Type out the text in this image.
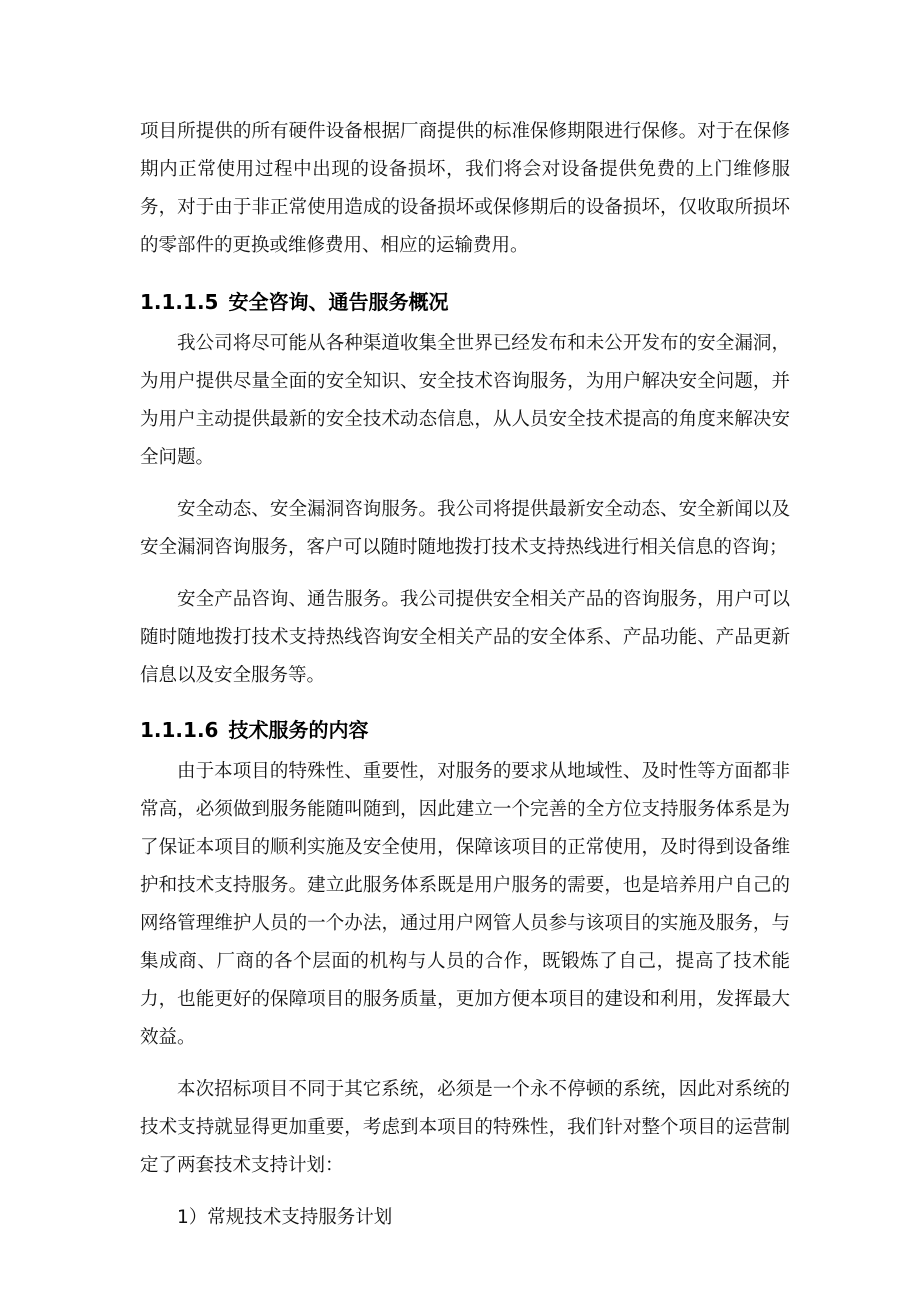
项目所提供的所有硬件设备根据厂商提供的标准保修期限进行保修。对于在保修期内正常使用过程中出现的设备损坏，我们将会对设备提供免费的上门维修服务，对于由于非正常使用造成的设备损坏或保修期后的设备损坏，仅收取所损坏的零部件的更换或维修费用、相应的运输费用。

1.1.1.5 安全咨询、通告服务概况

我公司将尽可能从各种渠道收集全世界已经发布和未公开发布的安全漏洞，为用户提供尽量全面的安全知识、安全技术咨询服务，为用户解决安全问题，并为用户主动提供最新的安全技术动态信息，从人员安全技术提高的角度来解决安全问题。

安全动态、安全漏洞咨询服务。我公司将提供最新安全动态、安全新闻以及安全漏洞咨询服务，客户可以随时随地拨打技术支持热线进行相关信息的咨询；

安全产品咨询、通告服务。我公司提供安全相关产品的咨询服务，用户可以随时随地拨打技术支持热线咨询安全相关产品的安全体系、产品功能、产品更新信息以及安全服务等。

1.1.1.6 技术服务的内容

由于本项目的特殊性、重要性，对服务的要求从地域性、及时性等方面都非常高，必须做到服务能随叫随到，因此建立一个完善的全方位支持服务体系是为了保证本项目的顺利实施及安全使用，保障该项目的正常使用，及时得到设备维护和技术支持服务。建立此服务体系既是用户服务的需要，也是培养用户自己的网络管理维护人员的一个办法，通过用户网管人员参与该项目的实施及服务，与集成商、厂商的各个层面的机构与人员的合作，既锻炼了自己，提高了技术能力，也能更好的保障项目的服务质量，更加方便本项目的建设和利用，发挥最大效益。

本次招标项目不同于其它系统，必须是一个永不停顿的系统，因此对系统的技术支持就显得更加重要，考虑到本项目的特殊性，我们针对整个项目的运营制定了两套技术支持计划：

1）常规技术支持服务计划
